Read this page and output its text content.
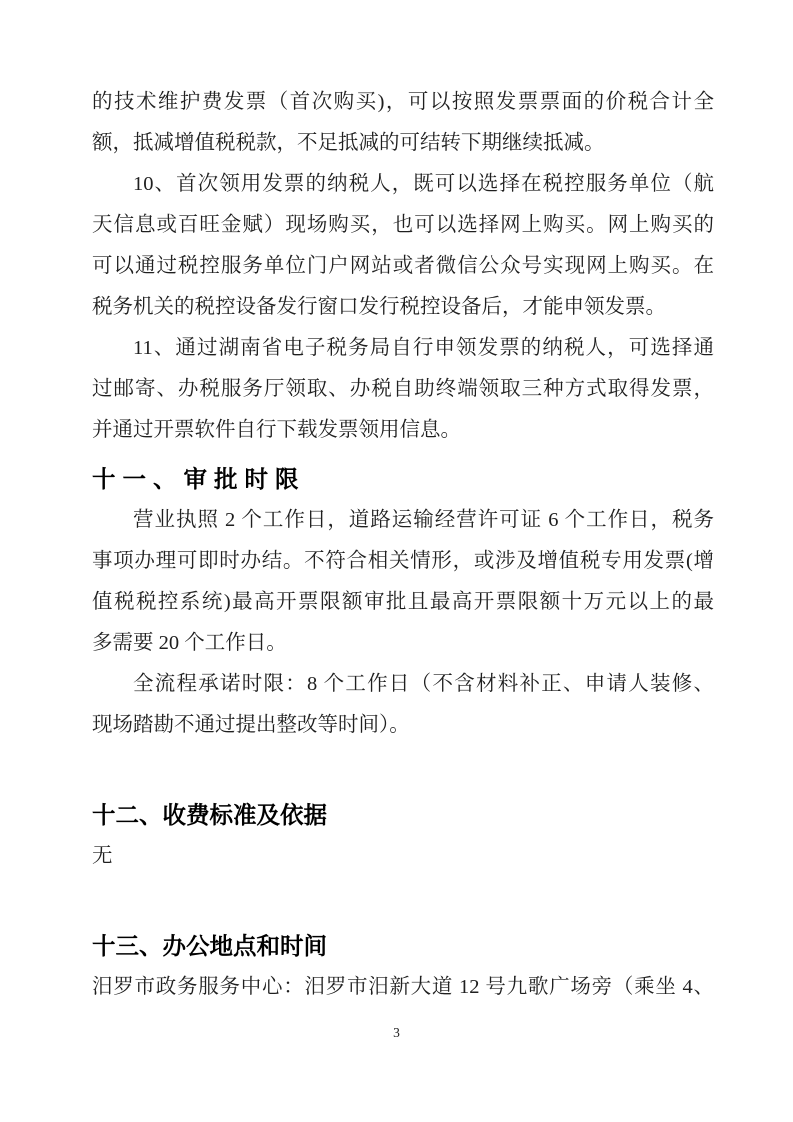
的技术维护费发票（首次购买)，可以按照发票票面的价税合计全
额，抵减增值税税款，不足抵减的可结转下期继续抵减。
10、首次领用发票的纳税人，既可以选择在税控服务单位（航
天信息或百旺金赋）现场购买，也可以选择网上购买。网上购买的
可以通过税控服务单位门户网站或者微信公众号实现网上购买。在
税务机关的税控设备发行窗口发行税控设备后，才能申领发票。
11、通过湖南省电子税务局自行申领发票的纳税人，可选择通
过邮寄、办税服务厅领取、办税自助终端领取三种方式取得发票，
并通过开票软件自行下载发票领用信息。
十一、审批时限
营业执照 2 个工作日，道路运输经营许可证 6 个工作日，税务
事项办理可即时办结。不符合相关情形，或涉及增值税专用发票(增
值税税控系统)最高开票限额审批且最高开票限额十万元以上的最
多需要 20 个工作日。
全流程承诺时限：8 个工作日（不含材料补正、申请人装修、
现场踏勘不通过提出整改等时间）。
十二、收费标准及依据
无
十三、办公地点和时间
汨罗市政务服务中心：汨罗市汨新大道 12 号九歌广场旁（乘坐 4、
3
